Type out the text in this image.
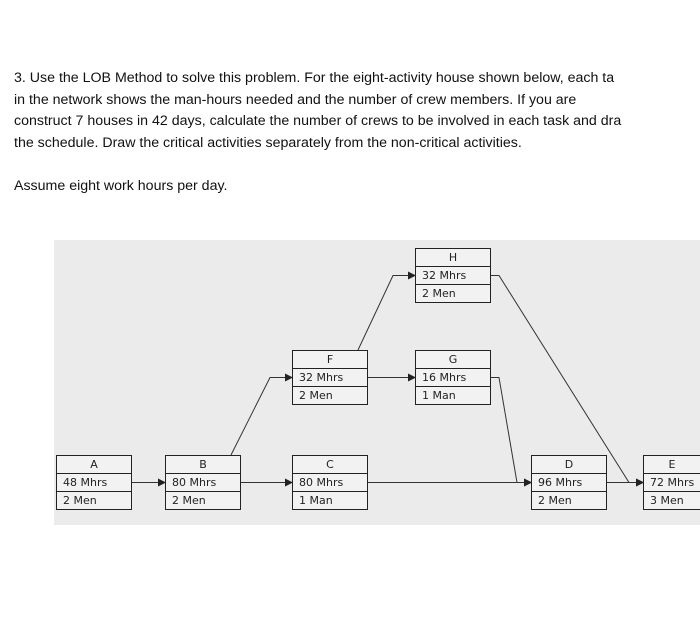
3. Use the LOB Method to solve this problem. For the eight-activity house shown below, each ta
in the network shows the man-hours needed and the number of crew members. If you are
construct 7 houses in 42 days, calculate the number of crews to be involved in each task and dra
the schedule. Draw the critical activities separately from the non-critical activities.
Assume eight work hours per day.
A
48 Mhrs
2 Men
B
80 Mhrs
2 Men
C
80 Mhrs
1 Man
D
96 Mhrs
2 Men
E
72 Mhrs
3 Men
F
32 Mhrs
2 Men
G
16 Mhrs
1 Man
H
32 Mhrs
2 Men
